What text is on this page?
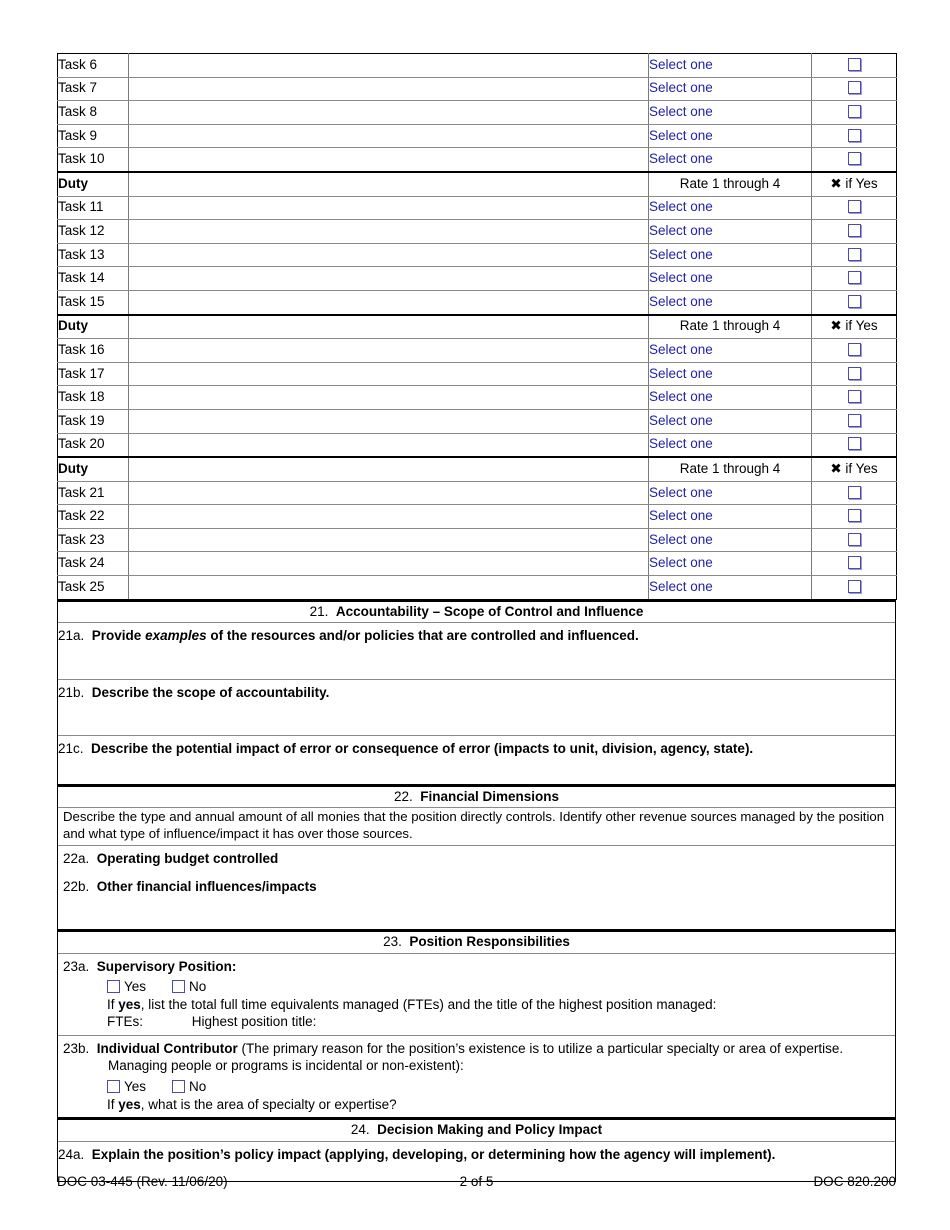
Task 6		Select one	
Task 7		Select one	
Task 8		Select one	
Task 9		Select one	
Task 10		Select one	
Duty		Rate 1 through 4	✖ if Yes
Task 11		Select one	
Task 12		Select one	
Task 13		Select one	
Task 14		Select one	
Task 15		Select one	
Duty		Rate 1 through 4	✖ if Yes
Task 16		Select one	
Task 17		Select one	
Task 18		Select one	
Task 19		Select one	
Task 20		Select one	
Duty		Rate 1 through 4	✖ if Yes
Task 21		Select one	
Task 22		Select one	
Task 23		Select one	
Task 24		Select one	
Task 25		Select one	
21. Accountability – Scope of Control and Influence
21a. Provide examples of the resources and/or policies that are controlled and influenced.
21b. Describe the scope of accountability.
21c. Describe the potential impact of error or consequence of error (impacts to unit, division, agency, state).
22. Financial Dimensions
Describe the type and annual amount of all monies that the position directly controls. Identify other revenue sources managed by the position and what type of influence/impact it has over those sources.
22a. Operating budget controlled
22b. Other financial influences/impacts
23. Position Responsibilities
23a. Supervisory Position:
Yes	No
If yes, list the total full time equivalents managed (FTEs) and the title of the highest position managed:
FTEs:	Highest position title:
23b. Individual Contributor (The primary reason for the position’s existence is to utilize a particular specialty or area of expertise. Managing people or programs is incidental or non-existent):
Yes	No
If yes, what is the area of specialty or expertise?
24. Decision Making and Policy Impact
24a. Explain the position’s policy impact (applying, developing, or determining how the agency will implement).
DOC 03-445 (Rev. 11/06/20)	2 of 5	DOC 820.200
